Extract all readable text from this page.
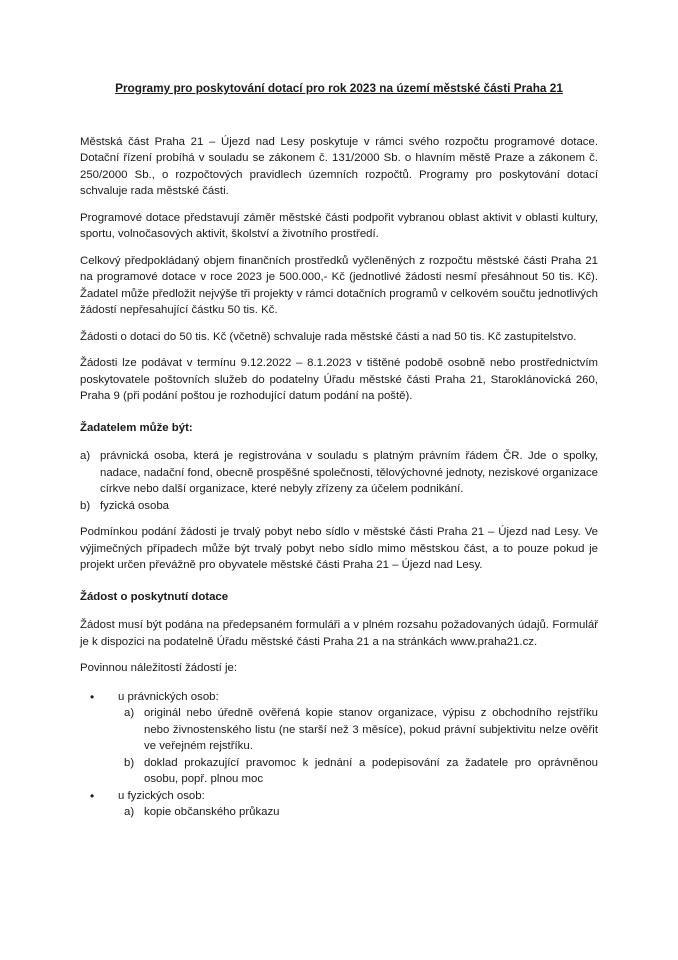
Programy pro poskytování dotací pro rok 2023 na území městské části Praha 21

Městská část Praha 21 – Újezd nad Lesy poskytuje v rámci svého rozpočtu programové dotace. Dotační řízení probíhá v souladu se zákonem č. 131/2000 Sb. o hlavním městě Praze a zákonem č. 250/2000 Sb., o rozpočtových pravidlech územních rozpočtů. Programy pro poskytování dotací schvaluje rada městské části.

Programové dotace představují záměr městské části podpořit vybranou oblast aktivit v oblasti kultury, sportu, volnočasových aktivit, školství a životního prostředí.

Celkový předpokládaný objem finančních prostředků vyčleněných z rozpočtu městské části Praha 21 na programové dotace v roce 2023 je 500.000,- Kč (jednotlivé žádosti nesmí přesáhnout 50 tis. Kč). Žadatel může předložit nejvýše tři projekty v rámci dotačních programů v celkovém součtu jednotlivých žádostí nepřesahující částku 50 tis. Kč.

Žádosti o dotaci do 50 tis. Kč (včetně) schvaluje rada městské části a nad 50 tis. Kč zastupitelstvo.

Žádosti lze podávat v termínu 9.12.2022 – 8.1.2023 v tištěné podobě osobně nebo prostřednictvím poskytovatele poštovních služeb do podatelny Úřadu městské části Praha 21, Staroklánovická 260, Praha 9 (při podání poštou je rozhodující datum podání na poště).

Žadatelem může být:
a) právnická osoba, která je registrována v souladu s platným právním řádem ČR. Jde o spolky, nadace, nadační fond, obecně prospěšné společnosti, tělovýchovné jednoty, neziskové organizace církve nebo další organizace, které nebyly zřízeny za účelem podnikání.
b) fyzická osoba

Podmínkou podání žádosti je trvalý pobyt nebo sídlo v městské části Praha 21 – Újezd nad Lesy. Ve výjimečných případech může být trvalý pobyt nebo sídlo mimo městskou část, a to pouze pokud je projekt určen převážně pro obyvatele městské části Praha 21 – Újezd nad Lesy.

Žádost o poskytnutí dotace

Žádost musí být podána na předepsaném formuláři a v plném rozsahu požadovaných údajů. Formulář je k dispozici na podatelně Úřadu městské části Praha 21 a na stránkách www.praha21.cz.

Povinnou náležitostí žádostí je:

• u právnických osob:
a) originál nebo úředně ověřená kopie stanov organizace, výpisu z obchodního rejstříku nebo živnostenského listu (ne starší než 3 měsíce), pokud právní subjektivitu nelze ověřit ve veřejném rejstříku.
b) doklad prokazující pravomoc k jednání a podepisování za žadatele pro oprávněnou osobu, popř. plnou moc
• u fyzických osob:
a) kopie občanského průkazu
